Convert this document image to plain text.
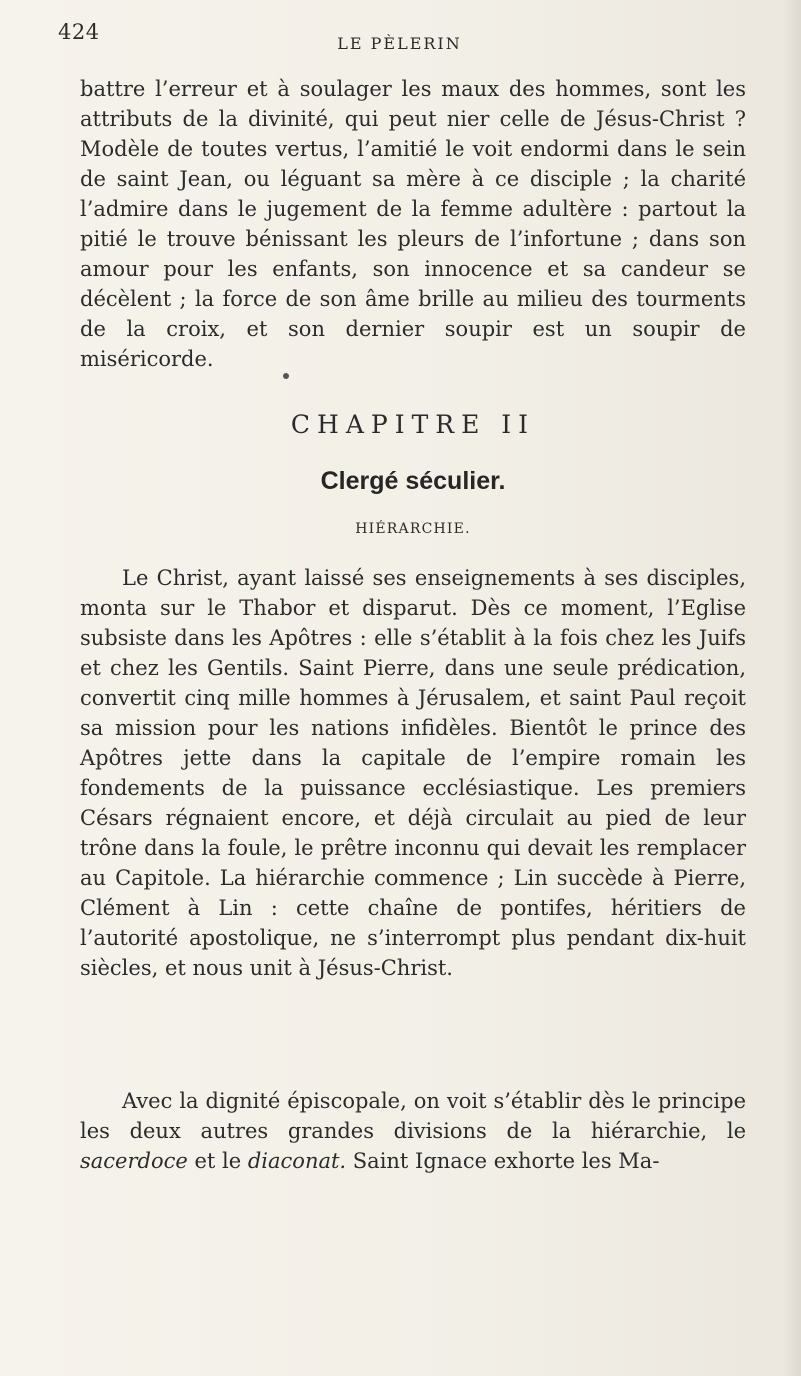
424	LE PÈLERIN

battre l’erreur et à soulager les maux des hommes, sont les attributs de la divinité, qui peut nier celle de Jésus-Christ ? Modèle de toutes vertus, l’amitié le voit endormi dans le sein de saint Jean, ou léguant sa mère à ce disciple ; la charité l’admire dans le jugement de la femme adultère : partout la pitié le trouve bénissant les pleurs de l’infortune ; dans son amour pour les enfants, son innocence et sa candeur se décèlent ; la force de son âme brille au milieu des tourments de la croix, et son dernier soupir est un soupir de miséricorde.

CHAPITRE II
Clergé séculier.
HIÉRARCHIE.

Le Christ, ayant laissé ses enseignements à ses disciples, monta sur le Thabor et disparut. Dès ce moment, l’Eglise subsiste dans les Apôtres : elle s’établit à la fois chez les Juifs et chez les Gentils. Saint Pierre, dans une seule prédication, convertit cinq mille hommes à Jérusalem, et saint Paul reçoit sa mission pour les nations infidèles. Bientôt le prince des Apôtres jette dans la capitale de l’empire romain les fondements de la puissance ecclésiastique. Les premiers Césars régnaient encore, et déjà circulait au pied de leur trône dans la foule, le prêtre inconnu qui devait les remplacer au Capitole. La hiérarchie commence ; Lin succède à Pierre, Clément à Lin : cette chaîne de pontifes, héritiers de l’autorité apostolique, ne s’interrompt plus pendant dix-huit siècles, et nous unit à Jésus-Christ.

Avec la dignité épiscopale, on voit s’établir dès le principe les deux autres grandes divisions de la hiérarchie, le sacerdoce et le diaconat. Saint Ignace exhorte les Ma-
